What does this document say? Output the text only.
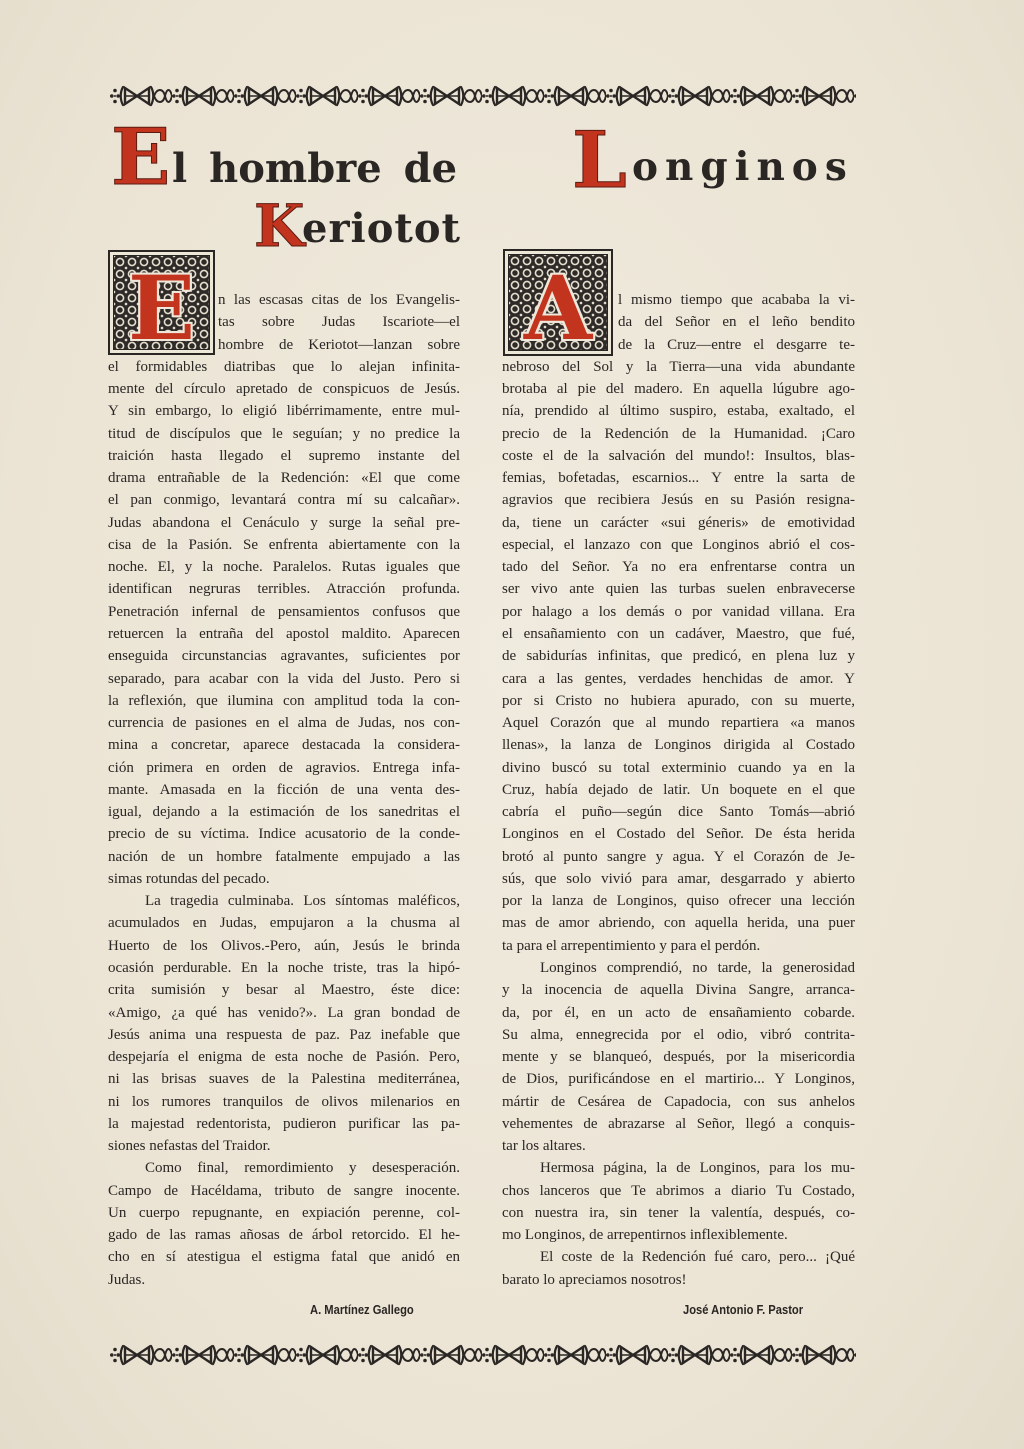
E l hombre de
K
eriotot
L onginos
E	A
n las escasas citas de los Evangelis-
tas sobre Judas Iscariote—el
hombre de Keriotot—lanzan sobre
el formidables diatribas que lo alejan infinita-
mente del círculo apretado de conspicuos de Jesús.
Y sin embargo, lo eligió libérrimamente, entre mul-
titud de discípulos que le seguían; y no predice la
traición hasta llegado el supremo instante del
drama entrañable de la Redención: «El que come
el pan conmigo, levantará contra mí su calcañar».
Judas abandona el Cenáculo y surge la señal pre-
cisa de la Pasión. Se enfrenta abiertamente con la
noche. El, y la noche. Paralelos. Rutas iguales que
identifican negruras terribles. Atracción profunda.
Penetración infernal de pensamientos confusos que
retuercen la entraña del apostol maldito. Aparecen
enseguida circunstancias agravantes, suficientes por
separado, para acabar con la vida del Justo. Pero si
la reflexión, que ilumina con amplitud toda la con-
currencia de pasiones en el alma de Judas, nos con-
mina a concretar, aparece destacada la considera-
ción primera en orden de agravios. Entrega infa-
mante. Amasada en la ficción de una venta des-
igual, dejando a la estimación de los sanedritas el
precio de su víctima. Indice acusatorio de la conde-
nación de un hombre fatalmente empujado a las
simas rotundas del pecado.
La tragedia culminaba. Los síntomas maléficos,
acumulados en Judas, empujaron a la chusma al
Huerto de los Olivos.-Pero, aún, Jesús le brinda
ocasión perdurable. En la noche triste, tras la hipó-
crita sumisión y besar al Maestro, éste dice:
«Amigo, ¿a qué has venido?». La gran bondad de
Jesús anima una respuesta de paz. Paz inefable que
despejaría el enigma de esta noche de Pasión. Pero,
ni las brisas suaves de la Palestina mediterránea,
ni los rumores tranquilos de olivos milenarios en
la majestad redentorista, pudieron purificar las pa-
siones nefastas del Traidor.
Como final, remordimiento y desesperación.
Campo de Hacéldama, tributo de sangre inocente.
Un cuerpo repugnante, en expiación perenne, col-
gado de las ramas añosas de árbol retorcido. El he-
cho en sí atestigua el estigma fatal que anidó en
Judas.
l mismo tiempo que acababa la vi-
da del Señor en el leño bendito
de la Cruz—entre el desgarre te-
nebroso del Sol y la Tierra—una vida abundante
brotaba al pie del madero. En aquella lúgubre ago-
nía, prendido al último suspiro, estaba, exaltado, el
precio de la Redención de la Humanidad. ¡Caro
coste el de la salvación del mundo!: Insultos, blas-
femias, bofetadas, escarnios... Y entre la sarta de
agravios que recibiera Jesús en su Pasión resigna-
da, tiene un carácter «sui géneris» de emotividad
especial, el lanzazo con que Longinos abrió el cos-
tado del Señor. Ya no era enfrentarse contra un
ser vivo ante quien las turbas suelen enbravecerse
por halago a los demás o por vanidad villana. Era
el ensañamiento con un cadáver, Maestro, que fué,
de sabidurías infinitas, que predicó, en plena luz y
cara a las gentes, verdades henchidas de amor. Y
por si Cristo no hubiera apurado, con su muerte,
Aquel Corazón que al mundo repartiera «a manos
llenas», la lanza de Longinos dirigida al Costado
divino buscó su total exterminio cuando ya en la
Cruz, había dejado de latir. Un boquete en el que
cabría el puño—según dice Santo Tomás—abrió
Longinos en el Costado del Señor. De ésta herida
brotó al punto sangre y agua. Y el Corazón de Je-
sús, que solo vivió para amar, desgarrado y abierto
por la lanza de Longinos, quiso ofrecer una lección
mas de amor abriendo, con aquella herida, una puer
ta para el arrepentimiento y para el perdón.
Longinos comprendió, no tarde, la generosidad
y la inocencia de aquella Divina Sangre, arranca-
da, por él, en un acto de ensañamiento cobarde.
Su alma, ennegrecida por el odio, vibró contrita-
mente y se blanqueó, después, por la misericordia
de Dios, purificándose en el martirio... Y Longinos,
mártir de Cesárea de Capadocia, con sus anhelos
vehementes de abrazarse al Señor, llegó a conquis-
tar los altares.
Hermosa página, la de Longinos, para los mu-
chos lanceros que Te abrimos a diario Tu Costado,
con nuestra ira, sin tener la valentía, después, co-
mo Longinos, de arrepentirnos inflexiblemente.
El coste de la Redención fué caro, pero... ¡Qué
barato lo apreciamos nosotros!
A. Martínez Gallego	José Antonio F. Pastor
